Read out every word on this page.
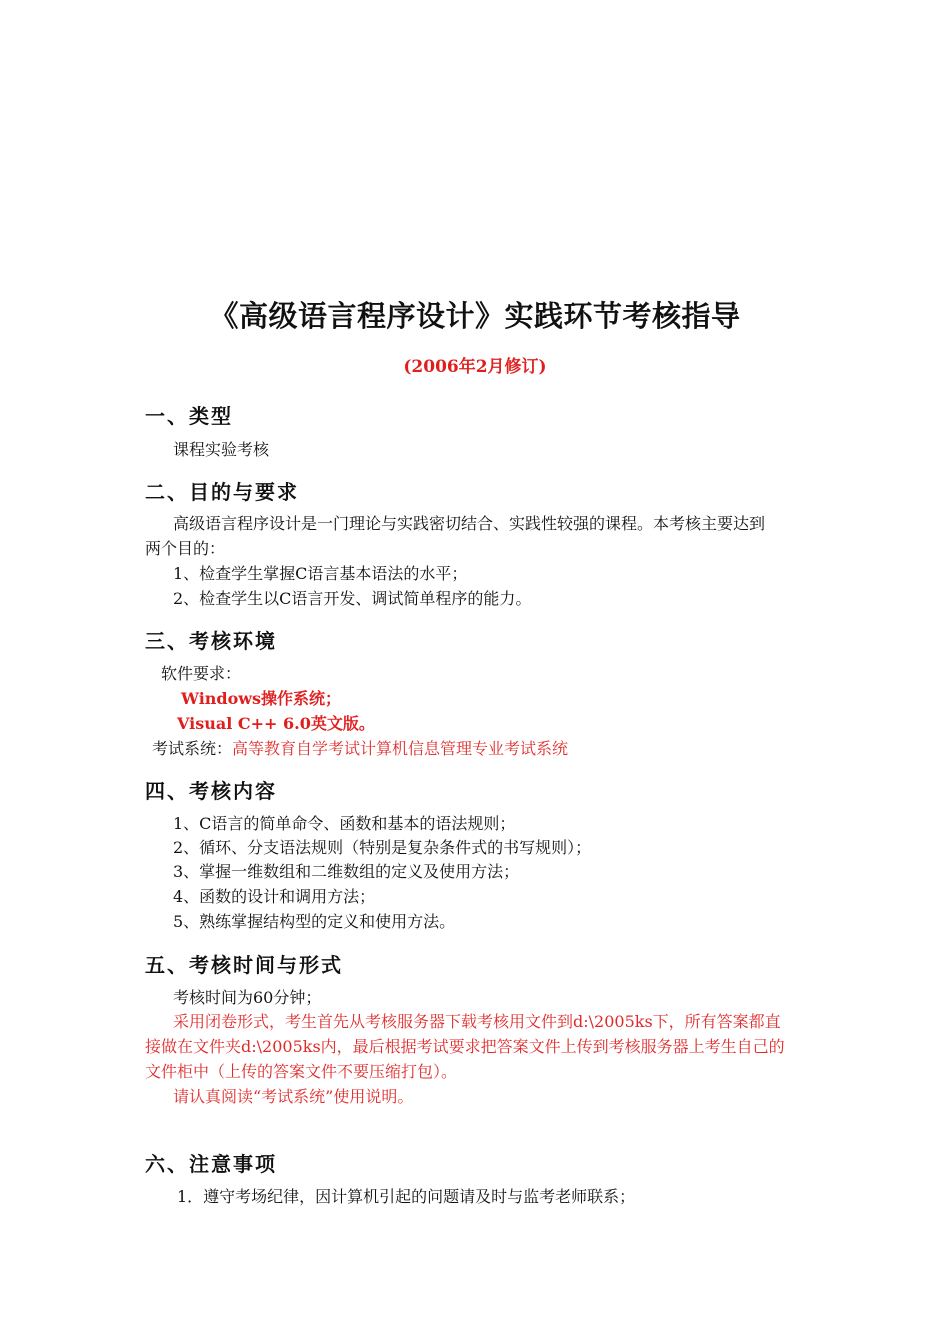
《高级语言程序设计》实践环节考核指导
(2006年2月修订)
一、类型
课程实验考核
二、目的与要求
高级语言程序设计是一门理论与实践密切结合、实践性较强的课程。本考核主要达到
两个目的：
1、检查学生掌握C语言基本语法的水平；
2、检查学生以C语言开发、调试简单程序的能力。
三、考核环境
软件要求：
Windows操作系统；
Visual C++ 6.0英文版。
考试系统：高等教育自学考试计算机信息管理专业考试系统
四、考核内容
1、C语言的简单命令、函数和基本的语法规则；
2、循环、分支语法规则（特别是复杂条件式的书写规则）；
3、掌握一维数组和二维数组的定义及使用方法；
4、函数的设计和调用方法；
5、熟练掌握结构型的定义和使用方法。
五、考核时间与形式
考核时间为60分钟；
采用闭卷形式，考生首先从考核服务器下载考核用文件到d:\2005ks下，所有答案都直
接做在文件夹d:\2005ks内，最后根据考试要求把答案文件上传到考核服务器上考生自己的
文件柜中（上传的答案文件不要压缩打包）。
请认真阅读“考试系统”使用说明。
六、注意事项
1．遵守考场纪律，因计算机引起的问题请及时与监考老师联系；
